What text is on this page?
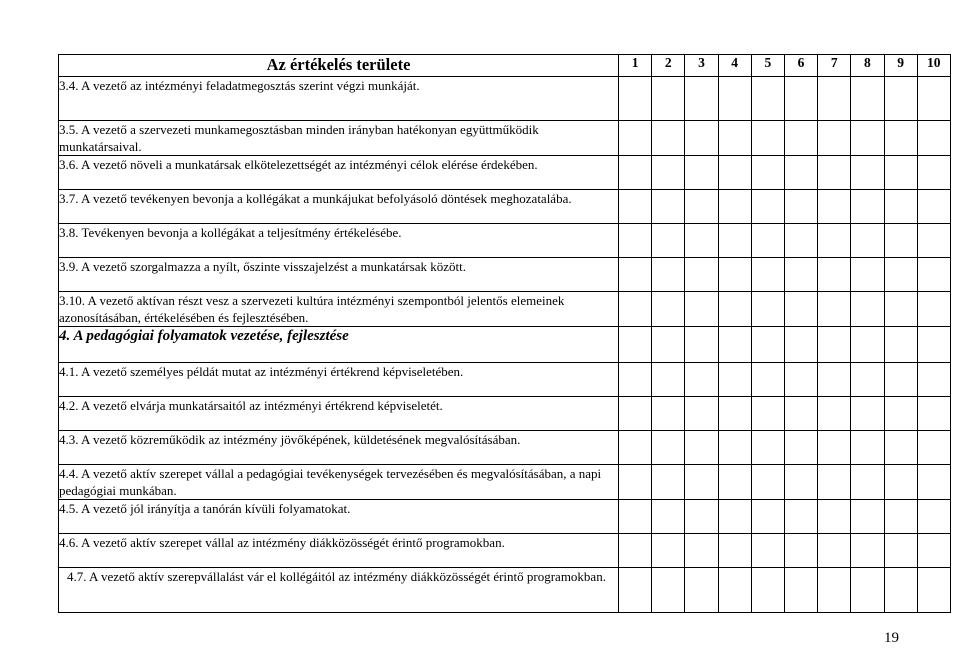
Az értékelés területe	1	2	3	4	5	6	7	8	9	10

3.4. A vezető az intézményi feladatmegosztás szerint végzi munkáját.										

3.5. A vezető a szervezeti munkamegosztásban minden irányban hatékonyan együttműködik munkatársaival.										

3.6. A vezető növeli a munkatársak elkötelezettségét az intézményi célok elérése érdekében.										

3.7. A vezető tevékenyen bevonja a kollégákat a munkájukat befolyásoló döntések meghozatalába.										

3.8. Tevékenyen bevonja a kollégákat a teljesítmény értékelésébe.										

3.9. A vezető szorgalmazza a nyílt, őszinte visszajelzést a munkatársak között.										

3.10. A vezető aktívan részt vesz a szervezeti kultúra intézményi szempontból jelentős elemeinek azonosításában, értékelésében és fejlesztésében.										

4. A pedagógiai folyamatok vezetése, fejlesztése										

4.1. A vezető személyes példát mutat az intézményi értékrend képviseletében.										

4.2. A vezető elvárja munkatársaitól az intézményi értékrend képviseletét.										

4.3. A vezető közreműködik az intézmény jövőképének, küldetésének megvalósításában.										

4.4. A vezető aktív szerepet vállal a pedagógiai tevékenységek tervezésében és megvalósításában, a napi pedagógiai munkában.										

4.5. A vezető jól irányítja a tanórán kívüli folyamatokat.										

4.6. A vezető aktív szerepet vállal az intézmény diákközösségét érintő programokban.										

4.7. A vezető aktív szerepvállalást vár el kollégáitól az intézmény diákközösségét érintő programokban.										

19
